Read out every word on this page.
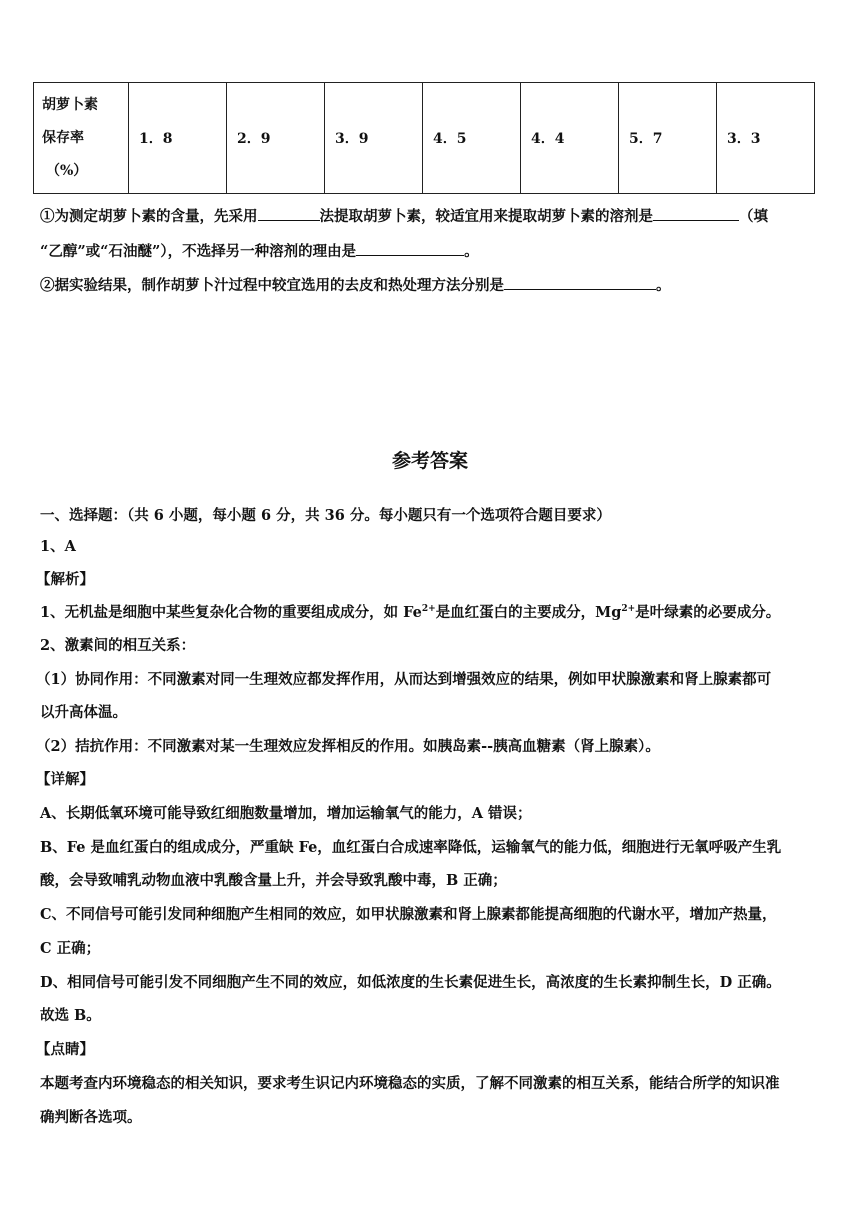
胡萝卜素
保存率
（%）
	1．8	2．9	3．9	4．5	4．4	5．7	3．3
①为测定胡萝卜素的含量，先采用	法提取胡萝卜素，较适宜用来提取胡萝卜素的溶剂是	（填
“乙醇”或“石油醚”），不选择另一种溶剂的理由是	。
②据实验结果，制作胡萝卜汁过程中较宜选用的去皮和热处理方法分别是	。
参考答案
一、选择题：（共 6 小题，每小题 6 分，共 36 分。每小题只有一个选项符合题目要求）
1、A
【解析】
1、无机盐是细胞中某些复杂化合物的重要组成成分，如 $Fe^{2+}$是血红蛋白的主要成分，$Mg^{2+}$是叶绿素的必要成分。
2、激素间的相互关系：
（1）协同作用：不同激素对同一生理效应都发挥作用，从而达到增强效应的结果，例如甲状腺激素和肾上腺素都可
以升高体温。
（2）拮抗作用：不同激素对某一生理效应发挥相反的作用。如胰岛素--胰高血糖素（肾上腺素）。
【详解】
A、长期低氧环境可能导致红细胞数量增加，增加运输氧气的能力，A 错误；
B、Fe 是血红蛋白的组成成分，严重缺 Fe，血红蛋白合成速率降低，运输氧气的能力低，细胞进行无氧呼吸产生乳
酸，会导致哺乳动物血液中乳酸含量上升，并会导致乳酸中毒，B 正确；
C、不同信号可能引发同种细胞产生相同的效应，如甲状腺激素和肾上腺素都能提高细胞的代谢水平，增加产热量，
C 正确；
D、相同信号可能引发不同细胞产生不同的效应，如低浓度的生长素促进生长，高浓度的生长素抑制生长，D 正确。
故选 B。
【点睛】
本题考查内环境稳态的相关知识，要求考生识记内环境稳态的实质，了解不同激素的相互关系，能结合所学的知识准
确判断各选项。
